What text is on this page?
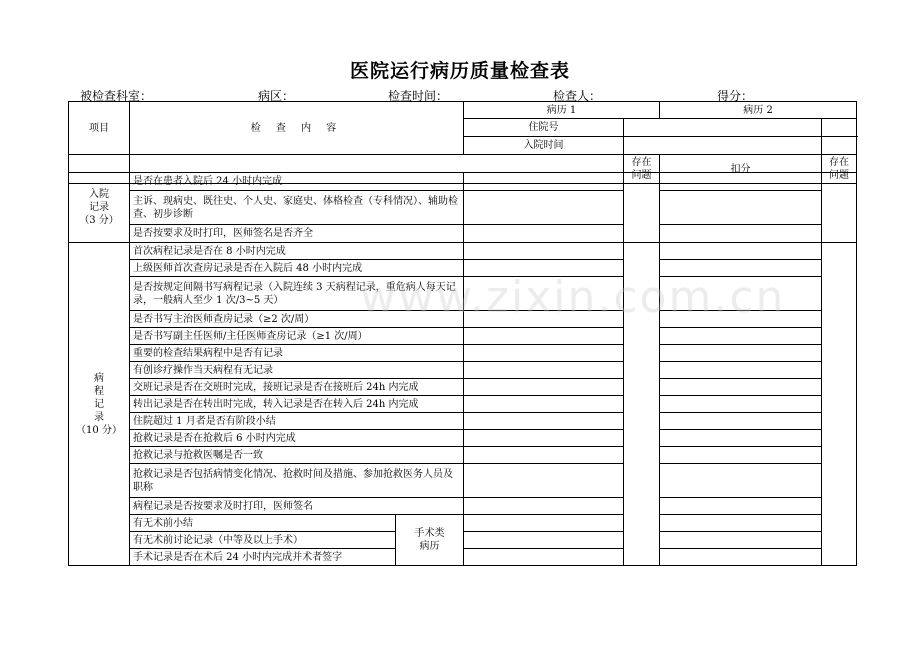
医院运行病历质量检查表
被检查科室：	病区：	检查时间：	检查人：	得分：
项目	检 查 内 容	病历 1		病历 2		
		住院号				
		入院时间				
			存在问题	扣分	存在问题	
入院
记录
（3 分）	是否在患者入院后 24 小时内完成					
	主诉、现病史、既往史、个人史、家庭史、体格检查（专科情况）、辅助检查、初步诊断					
	是否按要求及时打印，医师签名是否齐全					
病
程
记
录
（10 分）	首次病程记录是否在 8 小时内完成					
	上级医师首次查房记录是否在入院后 48 小时内完成					
	是否按规定间隔书写病程记录（入院连续 3 天病程记录，重危病人每天记录，一般病人至少 1 次/3~5 天）					
	是否书写主治医师查房记录（≥2 次/周）					
	是否书写副主任医师/主任医师查房记录（≥1 次/周）					
	重要的检查结果病程中是否有记录					
	有创诊疗操作当天病程有无记录					
	交班记录是否在交班时完成，接班记录是否在接班后 24h 内完成					
	转出记录是否在转出时完成，转入记录是否在转入后 24h 内完成					
	住院超过 1 月者是否有阶段小结					
	抢救记录是否在抢救后 6 小时内完成					
	抢救记录与抢救医嘱是否一致					
	抢救记录是否包括病情变化情况、抢救时间及措施、参加抢救医务人员及职称					
	病程记录是否按要求及时打印，医师签名					
	有无术前小结	手术类
病历				
	有无术前讨论记录（中等及以上手术）					
	手术记录是否在术后 24 小时内完成并术者签字					
www.zixin.com.cn
